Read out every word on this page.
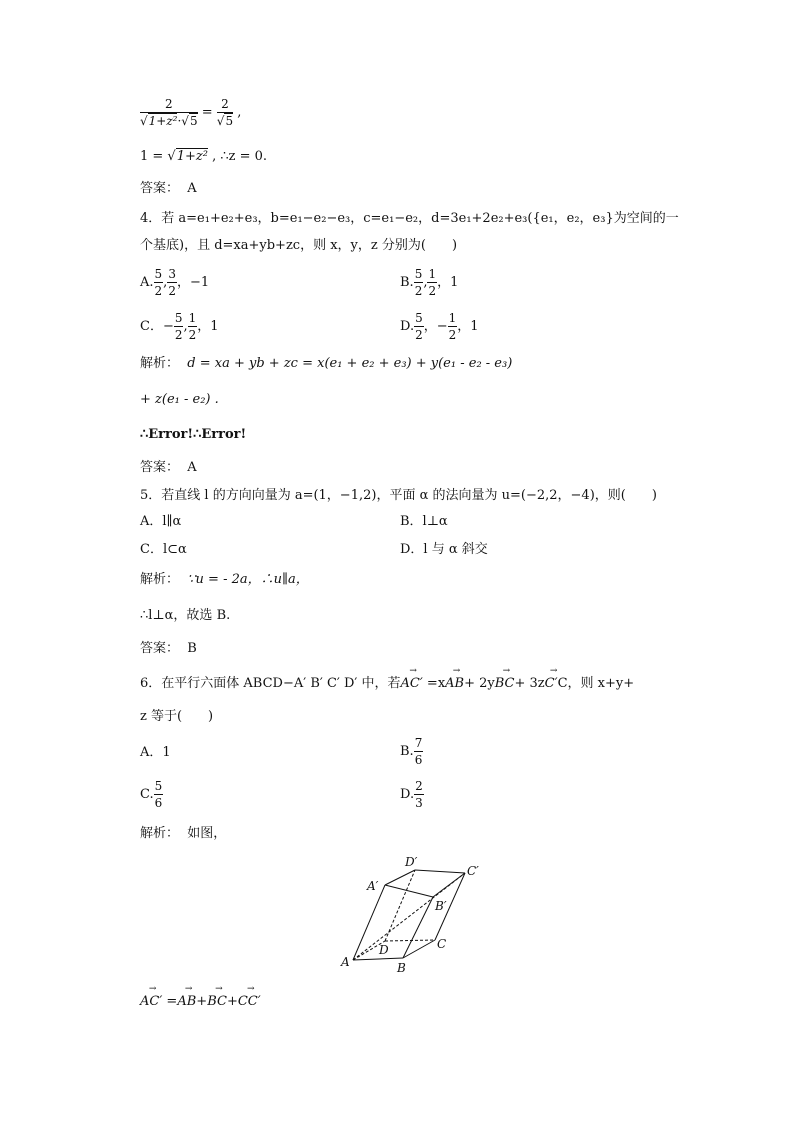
$\frac{2}{\text{√1+z²·√5}} = \frac{2}{√5}$ ,
1 = √1+z² , ∴z = 0.
答案： A
4．若 a=e₁+e₂+e₃，b=e₁−e₂−e₃，c=e₁−e₂，d=3e₁+2e₂+e₃({e₁，e₂，e₃}为空间的一
个基底)，且 d=xa+yb+zc，则 x，y，z 分别为(　　)
A. $\frac{5}{2}$ , $\frac{3}{2}$ ，−1	B. $\frac{5}{2}$ , $\frac{1}{2}$ ，1
C．− $\frac{5}{2}$ , $\frac{1}{2}$ ，1	D. $\frac{5}{2}$ ，− $\frac{1}{2}$ ，1
解析： d = xa + yb + zc = x(e₁ + e₂ + e₃) + y(e₁ - e₂ - e₃)
+ z(e₁ - e₂) .
∴Error!∴Error!
答案： A
5．若直线 l 的方向向量为 a=(1，−1,2)，平面 α 的法向量为 u=(−2,2，−4)，则(　　)
A．l∥α	B．l⊥α
C．l⊂α	D．l 与 α 斜交
解析： ∵u = - 2a，∴u∥a，
∴l⊥α，故选 B.
答案： B
6．在平行六面体 ABCD−A′ B′ C′ D′ 中，若→ AC′ =x→ AB+ 2y→ BC+ 3z→ C′C，则 x+y+
z 等于(　　)
A．1	B. $\frac{7}{6}$
C. $\frac{5}{6}$	D. $\frac{2}{3}$
解析： 如图，
A	B
C
D
A′
B′
C′
D′
→ AC′ =→ AB+→ BC+→ CC′
